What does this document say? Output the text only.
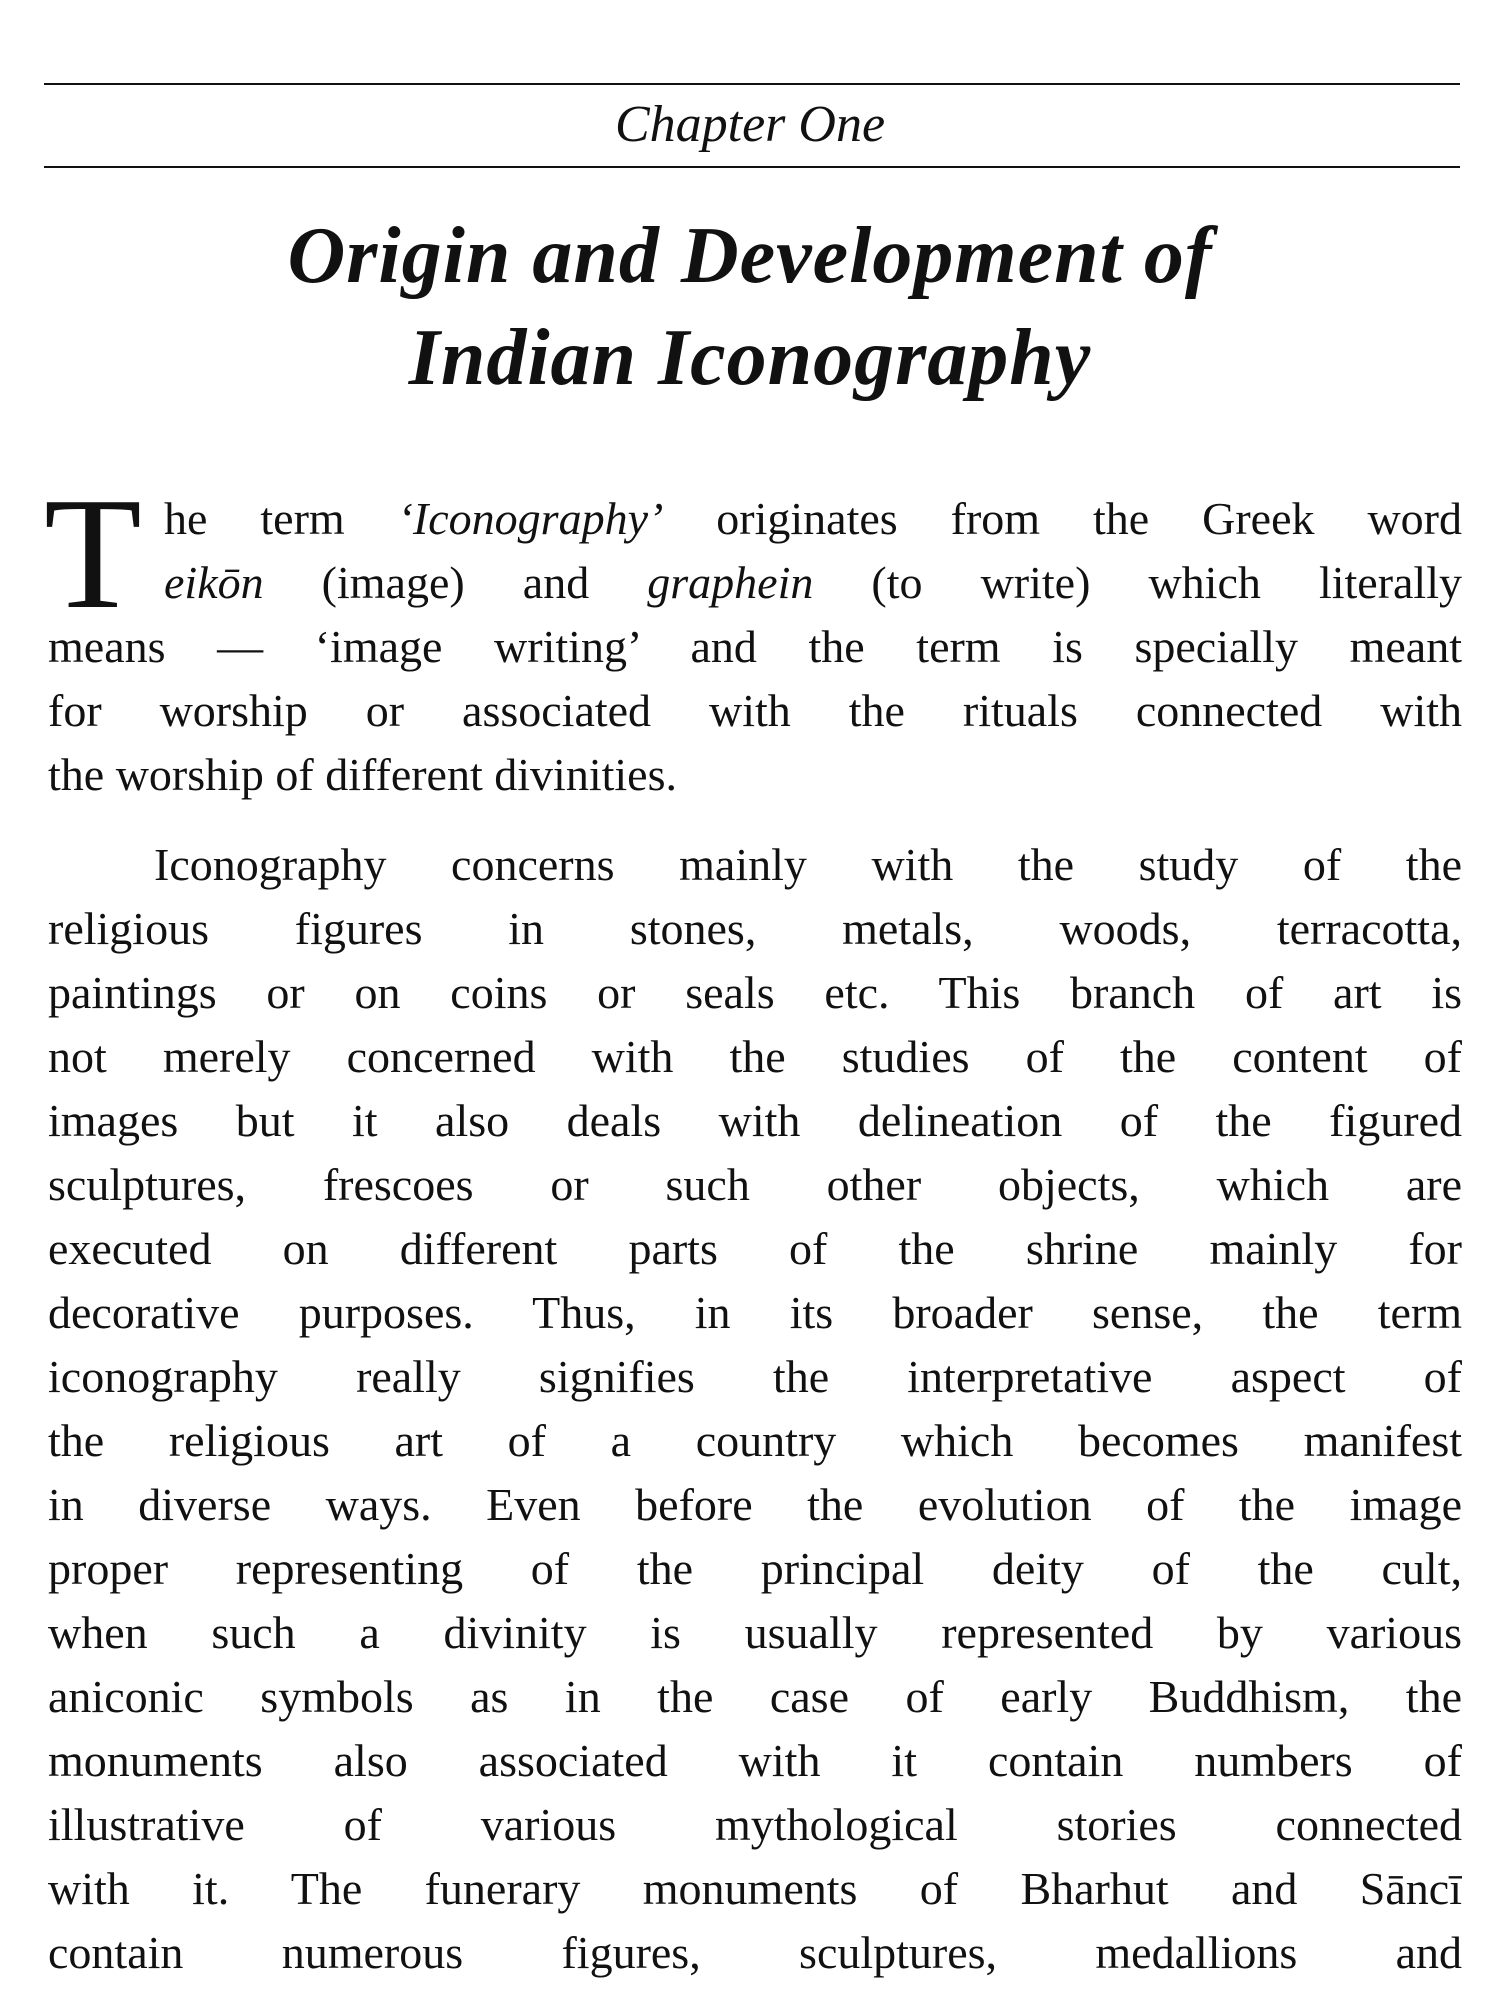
Chapter One
Origin and Development of
Indian Iconography
T he term ‘Iconography’ originates from the Greek word
eikōn (image) and graphein (to write) which literally
means — ‘image writing’ and the term is specially meant
for worship or associated with the rituals connected with
the worship of different divinities.
Iconography concerns mainly with the study of the
religious figures in stones, metals, woods, terracotta,
paintings or on coins or seals etc. This branch of art is
not merely concerned with the studies of the content of
images but it also deals with delineation of the figured
sculptures, frescoes or such other objects, which are
executed on different parts of the shrine mainly for
decorative purposes. Thus, in its broader sense, the term
iconography really signifies the interpretative aspect of
the religious art of a country which becomes manifest
in diverse ways. Even before the evolution of the image
proper representing of the principal deity of the cult,
when such a divinity is usually represented by various
aniconic symbols as in the case of early Buddhism, the
monuments also associated with it contain numbers of
illustrative of various mythological stories connected
with it. The funerary monuments of Bharhut and Sāncī
contain numerous figures, sculptures, medallions and
